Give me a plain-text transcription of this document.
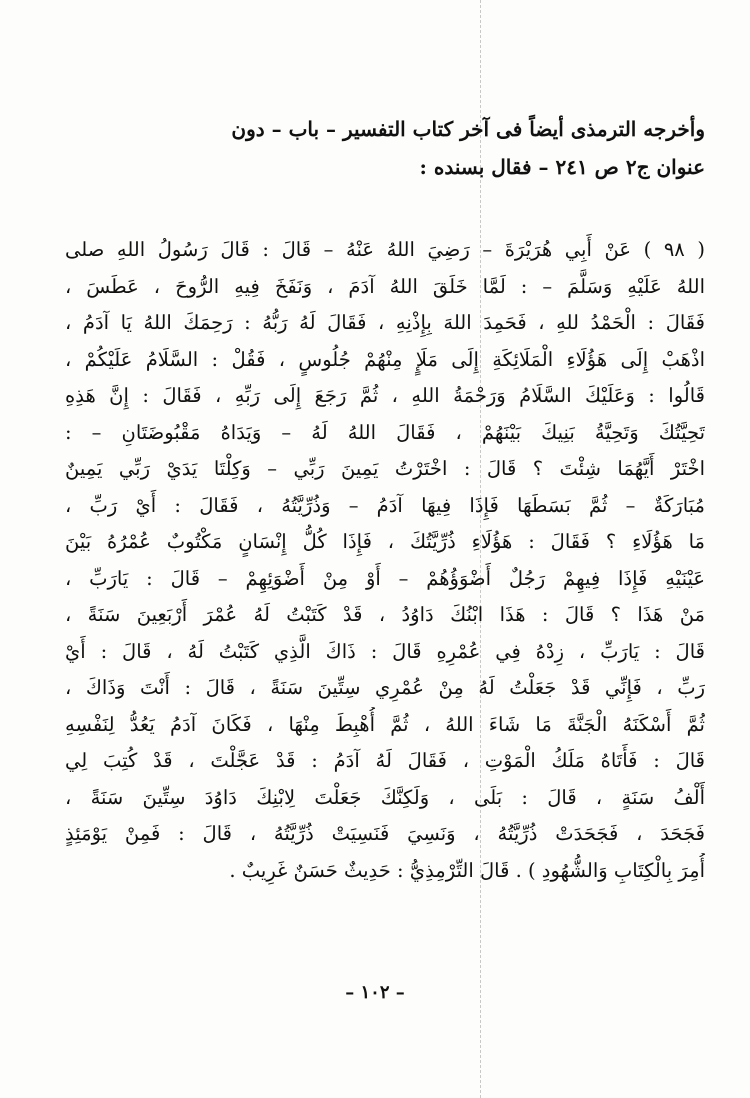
وأخرجه الترمذى أيضاً فى آخر كتاب التفسير – باب – دون
عنوان ج٢ ص ٢٤١ – فقال بسنده :
( ٩٨ ) عَنْ أَبِي هُرَيْرَةَ – رَضِيَ اللهُ عَنْهُ – قَالَ : قَالَ رَسُولُ اللهِ صلى
اللهُ عَلَيْهِ وَسَلَّمَ – : لَمَّا خَلَقَ اللهُ آدَمَ ، وَنَفَخَ فِيهِ الرُّوحَ ، عَطَسَ ،
فَقَالَ : الْحَمْدُ للهِ ، فَحَمِدَ اللهَ بِإِذْنِهِ ، فَقَالَ لَهُ رَبُّهُ : رَحِمَكَ اللهُ يَا آدَمُ ،
اذْهَبْ إِلَى هَؤُلَاءِ الْمَلَائِكَةِ إِلَى مَلَإٍ مِنْهُمْ جُلُوسٍ ، فَقُلْ : السَّلَامُ عَلَيْكُمْ ،
قَالُوا : وَعَلَيْكَ السَّلَامُ وَرَحْمَةُ اللهِ ، ثُمَّ رَجَعَ إِلَى رَبِّهِ ، فَقَالَ : إِنَّ هَذِهِ
تَحِيَّتُكَ وَتَحِيَّةُ بَنِيكَ بَيْنَهُمْ ، فَقَالَ اللهُ لَهُ – وَيَدَاهُ مَقْبُوضَتَانِ – :
اخْتَرْ أَيَّهُمَا شِئْتَ ؟ قَالَ : اخْتَرْتُ يَمِينَ رَبِّي – وَكِلْتَا يَدَيْ رَبِّي يَمِينٌ
مُبَارَكَةٌ – ثُمَّ بَسَطَهَا فَإِذَا فِيهَا آدَمُ – وَذُرِّيَّتُهُ ، فَقَالَ : أَيْ رَبِّ ،
مَا هَؤُلَاءِ ؟ فَقَالَ : هَؤُلَاءِ ذُرِّيَّتُكَ ، فَإِذَا كُلُّ إِنْسَانٍ مَكْتُوبٌ عُمْرُهُ بَيْنَ
عَيْنَيْهِ فَإِذَا فِيهِمْ رَجُلٌ أَضْوَؤُهُمْ – أَوْ مِنْ أَضْوَئِهِمْ – قَالَ : يَارَبِّ ،
مَنْ هَذَا ؟ قَالَ : هَذَا ابْنُكَ دَاوُدُ ، قَدْ كَتَبْتُ لَهُ عُمْرَ أَرْبَعِينَ سَنَةً ،
قَالَ : يَارَبِّ ، زِدْهُ فِي عُمْرِهِ قَالَ : ذَاكَ الَّذِي كَتَبْتُ لَهُ ، قَالَ : أَيْ
رَبِّ ، فَإِنِّي قَدْ جَعَلْتُ لَهُ مِنْ عُمْرِي سِتِّينَ سَنَةً ، قَالَ : أَنْتَ وَذَاكَ ،
ثُمَّ أَسْكَنَهُ الْجَنَّةَ مَا شَاءَ اللهُ ، ثُمَّ أُهْبِطَ مِنْهَا ، فَكَانَ آدَمُ يَعُدُّ لِنَفْسِهِ
قَالَ : فَأَتَاهُ مَلَكُ الْمَوْتِ ، فَقَالَ لَهُ آدَمُ : قَدْ عَجَّلْتَ ، قَدْ كُتِبَ لِي
أَلْفُ سَنَةٍ ، قَالَ : بَلَى ، وَلَكِنَّكَ جَعَلْتَ لِابْنِكَ دَاوُدَ سِتِّينَ سَنَةً ،
فَجَحَدَ ، فَجَحَدَتْ ذُرِّيَّتُهُ ، وَنَسِيَ فَنَسِيَتْ ذُرِّيَّتُهُ ، قَالَ : فَمِنْ يَوْمَئِذٍ
أُمِرَ بِالْكِتَابِ وَالشُّهُودِ ) . قَالَ التِّرْمِذِيُّ : حَدِيثٌ حَسَنٌ غَرِيبٌ .
– ١٠٢ –
